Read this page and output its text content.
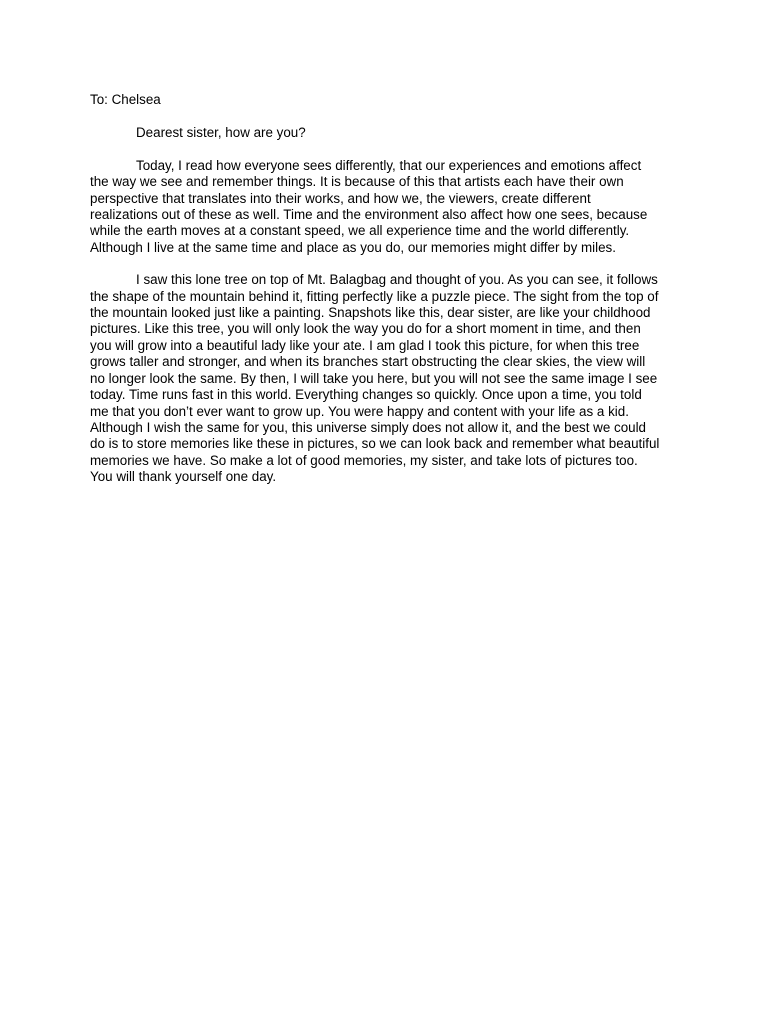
To: Chelsea
Dearest sister, how are you?
Today, I read how everyone sees differently, that our experiences and emotions affect
the way we see and remember things. It is because of this that artists each have their own
perspective that translates into their works, and how we, the viewers, create different
realizations out of these as well. Time and the environment also affect how one sees, because
while the earth moves at a constant speed, we all experience time and the world differently.
Although I live at the same time and place as you do, our memories might differ by miles.
I saw this lone tree on top of Mt. Balagbag and thought of you. As you can see, it follows
the shape of the mountain behind it, fitting perfectly like a puzzle piece. The sight from the top of
the mountain looked just like a painting. Snapshots like this, dear sister, are like your childhood
pictures. Like this tree, you will only look the way you do for a short moment in time, and then
you will grow into a beautiful lady like your ate. I am glad I took this picture, for when this tree
grows taller and stronger, and when its branches start obstructing the clear skies, the view will
no longer look the same. By then, I will take you here, but you will not see the same image I see
today. Time runs fast in this world. Everything changes so quickly. Once upon a time, you told
me that you don’t ever want to grow up. You were happy and content with your life as a kid.
Although I wish the same for you, this universe simply does not allow it, and the best we could
do is to store memories like these in pictures, so we can look back and remember what beautiful
memories we have. So make a lot of good memories, my sister, and take lots of pictures too.
You will thank yourself one day.
